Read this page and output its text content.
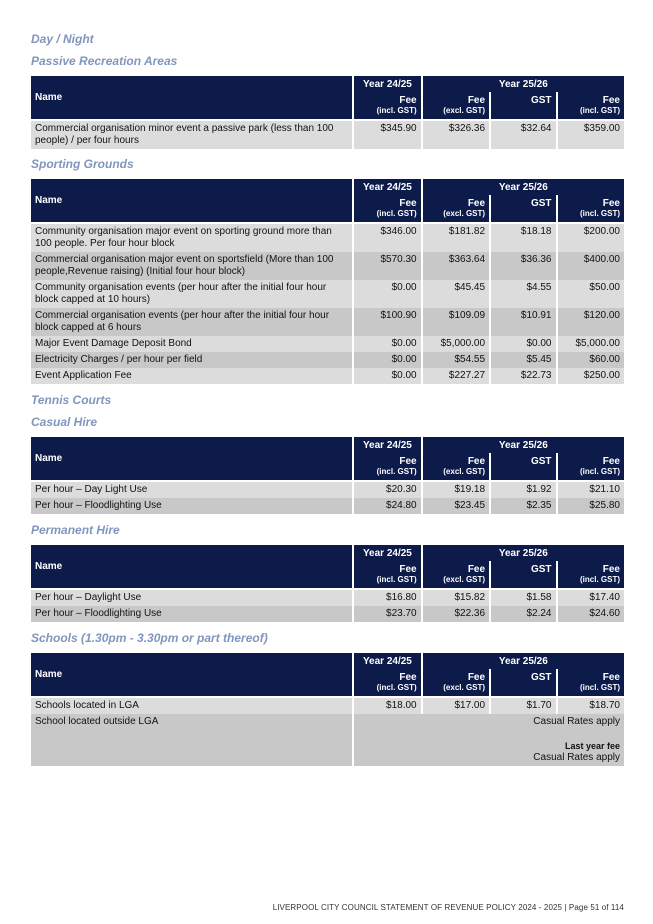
Day / Night
Passive Recreation Areas
Name	Year 24/25	Year 25/26		
	Fee	Fee	GST	Fee
	(incl. GST)	(excl. GST)		(incl. GST)
Commercial organisation minor event a passive park (less than 100 people) / per four hours	$345.90	$326.36	$32.64	$359.00
Sporting Grounds
Name	Year 24/25	Year 25/26		
	Fee	Fee	GST	Fee
	(incl. GST)	(excl. GST)		(incl. GST)
Community organisation major event on sporting ground more than 100 people. Per four hour block	$346.00	$181.82	$18.18	$200.00
Commercial organisation major event on sportsfield (More than 100 people,Revenue raising) (Initial four hour block)	$570.30	$363.64	$36.36	$400.00
Community organisation events (per hour after the initial four hour block capped at 10 hours)	$0.00	$45.45	$4.55	$50.00
Commercial organisation events (per hour after the initial four hour block capped at 6 hours	$100.90	$109.09	$10.91	$120.00
Major Event Damage Deposit Bond	$0.00	$5,000.00	$0.00	$5,000.00
Electricity Charges / per hour per field	$0.00	$54.55	$5.45	$60.00
Event Application Fee	$0.00	$227.27	$22.73	$250.00
Tennis Courts
Casual Hire
Name	Year 24/25	Year 25/26		
	Fee	Fee	GST	Fee
	(incl. GST)	(excl. GST)		(incl. GST)
Per hour – Day Light Use	$20.30	$19.18	$1.92	$21.10
Per hour – Floodlighting Use	$24.80	$23.45	$2.35	$25.80
Permanent Hire
Name	Year 24/25	Year 25/26		
	Fee	Fee	GST	Fee
	(incl. GST)	(excl. GST)		(incl. GST)
Per hour – Daylight Use	$16.80	$15.82	$1.58	$17.40
Per hour – Floodlighting Use	$23.70	$22.36	$2.24	$24.60
Schools (1.30pm - 3.30pm or part thereof)
Name	Year 24/25	Year 25/26		
	Fee	Fee	GST	Fee
	(incl. GST)	(excl. GST)		(incl. GST)
Schools located in LGA	$18.00	$17.00	$1.70	$18.70
School located outside LGA	Casual Rates apply
Last year fee
Casual Rates apply			
LIVERPOOL CITY COUNCIL STATEMENT OF REVENUE POLICY 2024 - 2025 | Page 51 of 114
